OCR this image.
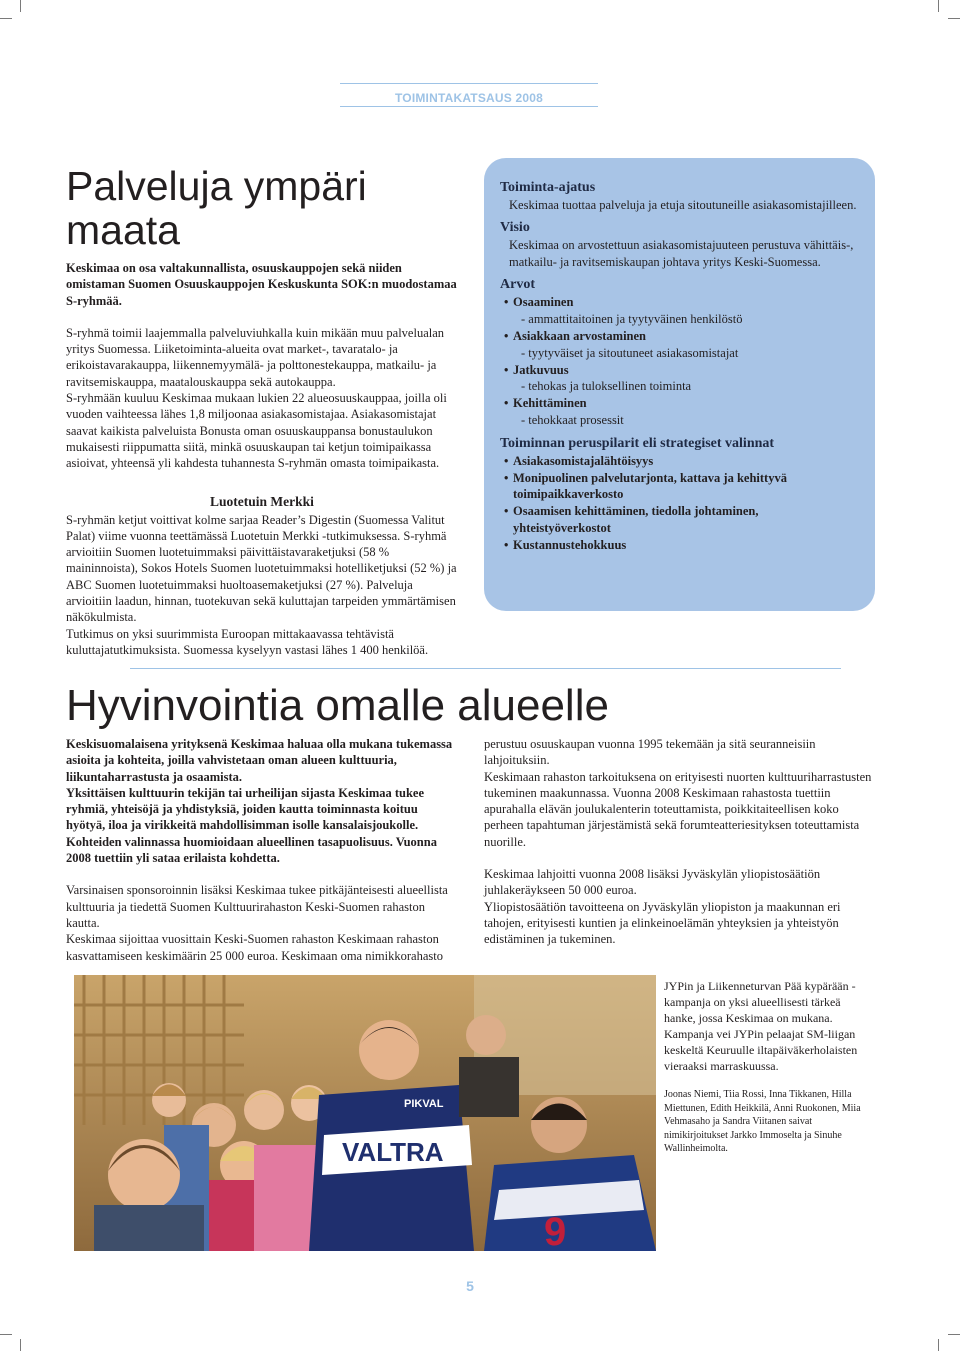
TOIMINTAKATSAUS 2008
Palveluja ympäri maata

Keskimaa on osa valtakunnallista, osuuskauppojen sekä niiden omistaman Suomen Osuuskauppojen Keskuskunta SOK:n muodostamaa S-ryhmää.

S-ryhmä toimii laajemmalla palveluviuhkalla kuin mikään muu palvelualan yritys Suomessa. Liiketoiminta-alueita ovat market-, tavaratalo- ja erikoistavarakauppa, liikennemyymälä- ja polttonestekauppa, matkailu- ja ravitsemiskauppa, maatalouskauppa sekä autokauppa.

S-ryhmään kuuluu Keskimaa mukaan lukien 22 alueosuuskauppaa, joilla oli vuoden vaihteessa lähes 1,8 miljoonaa asiakasomistajaa. Asiakasomistajat saavat kaikista palveluista Bonusta oman osuuskauppansa bonustaulukon mukaisesti riippumatta siitä, minkä osuuskaupan tai ketjun toimipaikassa asioivat, yhteensä yli kahdesta tuhannesta S-ryhmän omasta toimipaikasta.

Luotetuin Merkki

S-ryhmän ketjut voittivat kolme sarjaa Reader’s Digestin (Suomessa Valitut Palat) viime vuonna teettämässä Luotetuin Merkki -tutkimuksessa. S-ryhmä arvioitiin Suomen luotetuimmaksi päivittäistavaraketjuksi (58 % maininnoista), Sokos Hotels Suomen luotetuimmaksi hotelliketjuksi (52 %) ja ABC Suomen luotetuimmaksi huoltoasemaketjuksi (27 %). Palveluja arvioitiin laadun, hinnan, tuotekuvan sekä kuluttajan tarpeiden ymmärtämisen näkökulmista.

Tutkimus on yksi suurimmista Euroopan mittakaavassa tehtävistä kuluttajatutkimuksista. Suomessa kyselyyn vastasi lähes 1 400 henkilöä.

Toiminta-ajatus

Keskimaa tuottaa palveluja ja etuja sitoutuneille asiakasomistajilleen.

Visio

Keskimaa on arvostettuun asiakasomistajuuteen perustuva vähittäis-, matkailu- ja ravitsemiskaupan johtava yritys Keski-Suomessa.

Arvot

• Osaaminen

- ammattitaitoinen ja tyytyväinen henkilöstö

• Asiakkaan arvostaminen

- tyytyväiset ja sitoutuneet asiakasomistajat

• Jatkuvuus

- tehokas ja tuloksellinen toiminta

• Kehittäminen

- tehokkaat prosessit

Toiminnan peruspilarit eli strategiset valinnat

• Asiakasomistajalähtöisyys
• Monipuolinen palvelutarjonta, kattava ja kehittyvä toimipaikkaverkosto
• Osaamisen kehittäminen, tiedolla johtaminen, yhteistyöverkostot
• Kustannustehokkuus
Hyvinvointia omalle alueelle

Keskisuomalaisena yrityksenä Keskimaa haluaa olla mukana tukemassa asioita ja kohteita, joilla vahvistetaan oman alueen kulttuuria, liikuntaharrastusta ja osaamista.

Yksittäisen kulttuurin tekijän tai urheilijan sijasta Keskimaa tukee ryhmiä, yhteisöjä ja yhdistyksiä, joiden kautta toiminnasta koituu hyötyä, iloa ja virikkeitä mahdollisimman isolle kansalaisjoukolle. Kohteiden valinnassa huomioidaan alueellinen tasapuolisuus. Vuonna 2008 tuettiin yli sataa erilaista kohdetta.

Varsinaisen sponsoroinnin lisäksi Keskimaa tukee pitkäjänteisesti alueellista kulttuuria ja tiedettä Suomen Kulttuurirahaston Keski-Suomen rahaston kautta.

Keskimaa sijoittaa vuosittain Keski-Suomen rahaston Keskimaan rahaston kasvattamiseen keskimäärin 25 000 euroa. Keskimaan oma nimikkorahasto

perustuu osuuskaupan vuonna 1995 tekemään ja sitä seuranneisiin lahjoituksiin.

Keskimaan rahaston tarkoituksena on erityisesti nuorten kulttuuriharrastusten tukeminen maakunnassa. Vuonna 2008 Keskimaan rahastosta tuettiin apurahalla elävän joulukalenterin toteuttamista, poikkitaiteellisen koko perheen tapahtuman järjestämistä sekä forumteatteriesityksen toteuttamista nuorille.

Keskimaa lahjoitti vuonna 2008 lisäksi Jyväskylän yliopistosäätiön juhlakeräykseen 50 000 euroa.

Yliopistosäätiön tavoitteena on Jyväskylän yliopiston ja maakunnan eri tahojen, erityisesti kuntien ja elinkeinoelämän yhteyksien ja yhteistyön edistäminen ja tukeminen.

VALTRA
PIKVAL
9

JYPin ja Liikenneturvan Pää kypärään -kampanja on yksi alueellisesti tärkeä hanke, jossa Keskimaa on mukana. Kampanja vei JYPin pelaajat SM-liigan keskeltä Keuruulle iltapäiväkerholaisten vieraaksi marraskuussa.

Joonas Niemi, Tiia Rossi, Inna Tikkanen, Hilla Miettunen, Edith Heikkilä, Anni Ruokonen, Miia Vehmasaho ja Sandra Viitanen saivat nimikirjoitukset Jarkko Immoselta ja Sinuhe Wallinheimolta.

5
